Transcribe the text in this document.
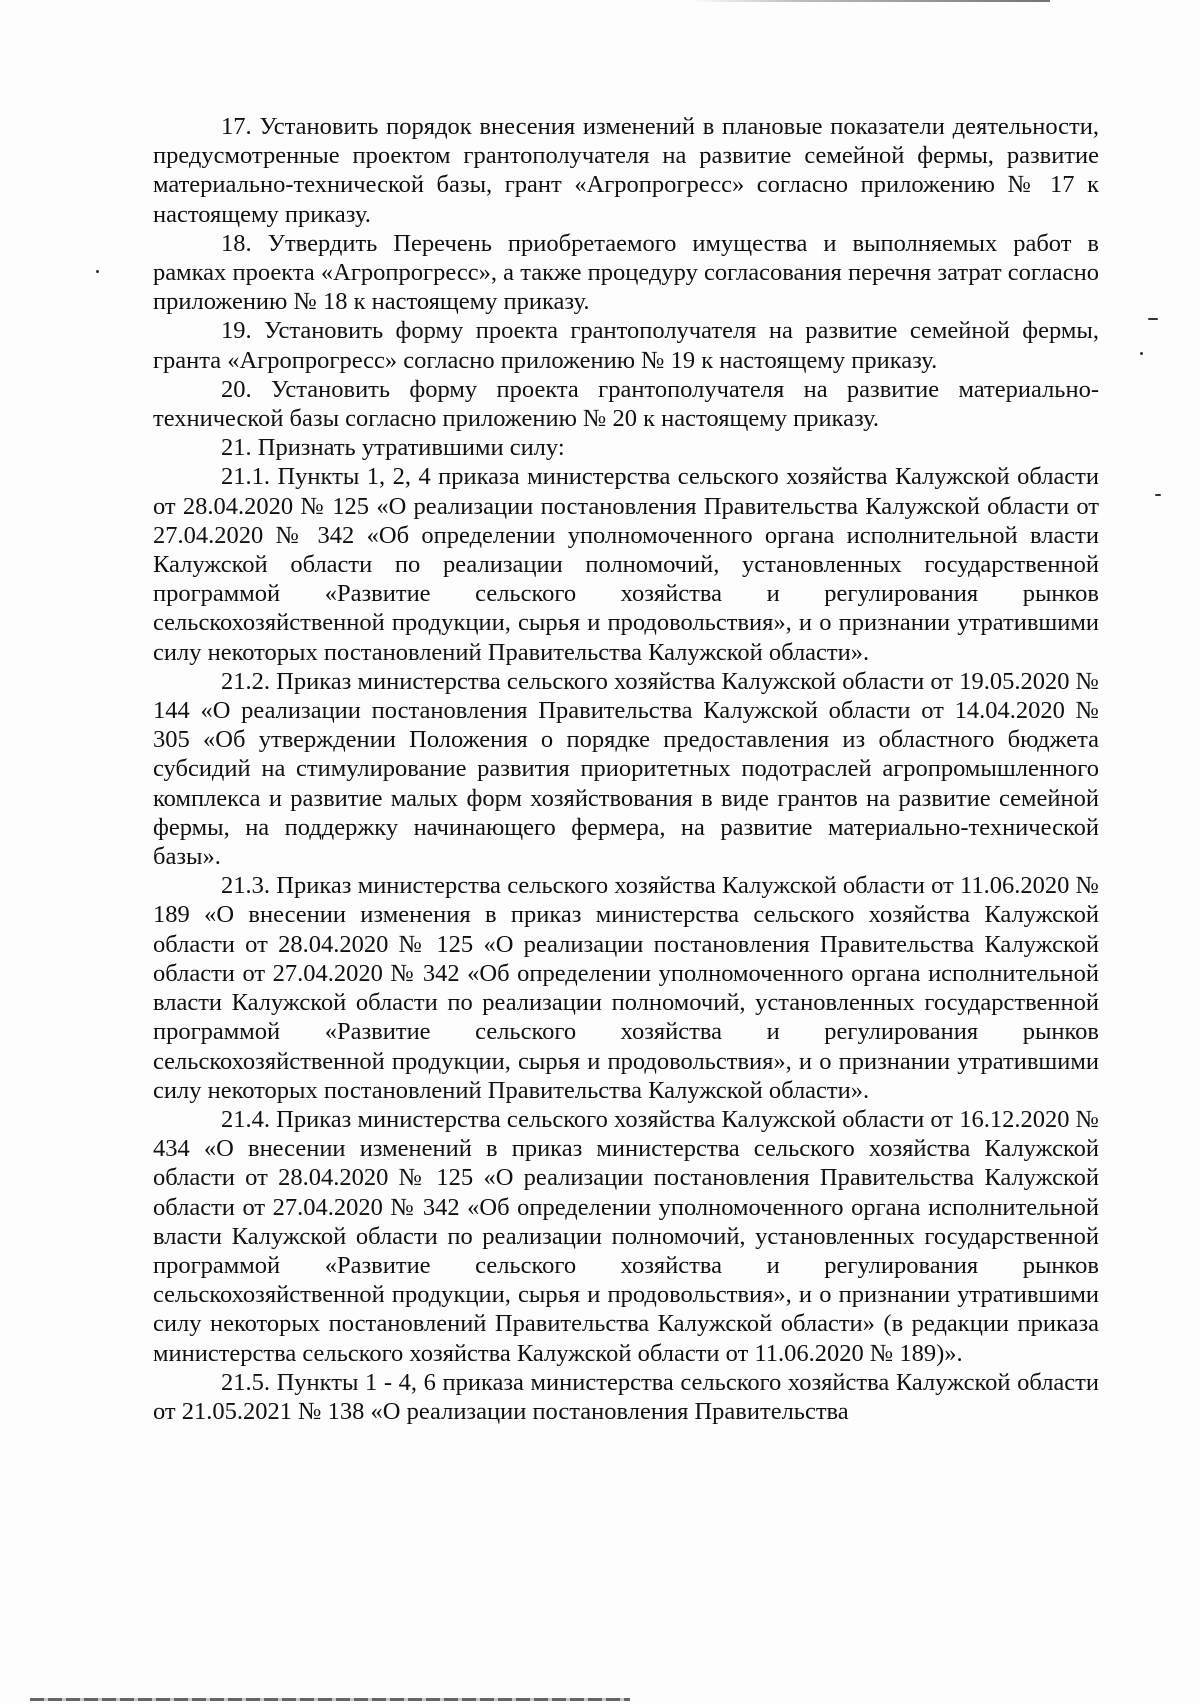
17. Установить порядок внесения изменений в плановые показатели деятельности, предусмотренные проектом грантополучателя на развитие семейной фермы, развитие материально-технической базы, грант «Агропрогресс» согласно приложению № 17 к настоящему приказу.

18. Утвердить Перечень приобретаемого имущества и выполняемых работ в рамках проекта «Агропрогресс», а также процедуру согласования перечня затрат согласно приложению № 18 к настоящему приказу.

19. Установить форму проекта грантополучателя на развитие семейной фермы, гранта «Агропрогресс» согласно приложению № 19 к настоящему приказу.

20. Установить форму проекта грантополучателя на развитие материально-технической базы согласно приложению № 20 к настоящему приказу.

21. Признать утратившими силу:

21.1. Пункты 1, 2, 4 приказа министерства сельского хозяйства Калужской области от 28.04.2020 № 125 «О реализации постановления Правительства Калужской области от 27.04.2020 № 342 «Об определении уполномоченного органа исполнительной власти Калужской области по реализации полномочий, установленных государственной программой «Развитие сельского хозяйства и регулирования рынков сельскохозяйственной продукции, сырья и продовольствия», и о признании утратившими силу некоторых постановлений Правительства Калужской области».

21.2. Приказ министерства сельского хозяйства Калужской области от 19.05.2020 № 144 «О реализации постановления Правительства Калужской области от 14.04.2020 № 305 «Об утверждении Положения о порядке предоставления из областного бюджета субсидий на стимулирование развития приоритетных подотраслей агропромышленного комплекса и развитие малых форм хозяйствования в виде грантов на развитие семейной фермы, на поддержку начинающего фермера, на развитие материально-технической базы».

21.3. Приказ министерства сельского хозяйства Калужской области от 11.06.2020 № 189 «О внесении изменения в приказ министерства сельского хозяйства Калужской области от 28.04.2020 № 125 «О реализации постановления Правительства Калужской области от 27.04.2020 № 342 «Об определении уполномоченного органа исполнительной власти Калужской области по реализации полномочий, установленных государственной программой «Развитие сельского хозяйства и регулирования рынков сельскохозяйственной продукции, сырья и продовольствия», и о признании утратившими силу некоторых постановлений Правительства Калужской области».

21.4. Приказ министерства сельского хозяйства Калужской области от 16.12.2020 № 434 «О внесении изменений в приказ министерства сельского хозяйства Калужской области от 28.04.2020 № 125 «О реализации постановления Правительства Калужской области от 27.04.2020 № 342 «Об определении уполномоченного органа исполнительной власти Калужской области по реализации полномочий, установленных государственной программой «Развитие сельского хозяйства и регулирования рынков сельскохозяйственной продукции, сырья и продовольствия», и о признании утратившими силу некоторых постановлений Правительства Калужской области» (в редакции приказа министерства сельского хозяйства Калужской области от 11.06.2020 № 189)».

21.5. Пункты 1 - 4, 6 приказа министерства сельского хозяйства Калужской области от 21.05.2021 № 138 «О реализации постановления Правительства
